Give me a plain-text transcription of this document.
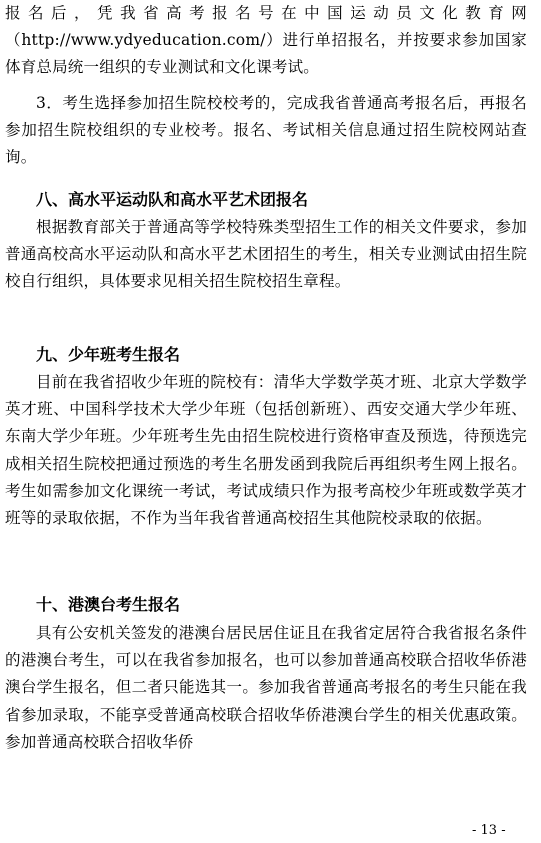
报名后，凭我省高考报名号在中国运动员文化教育网（http://www.ydyeducation.com/）进行单招报名，并按要求参加国家体育总局统一组织的专业测试和文化课考试。

3．考生选择参加招生院校校考的，完成我省普通高考报名后，再报名参加招生院校组织的专业校考。报名、考试相关信息通过招生院校网站查询。

八、高水平运动队和高水平艺术团报名

根据教育部关于普通高等学校特殊类型招生工作的相关文件要求，参加普通高校高水平运动队和高水平艺术团招生的考生，相关专业测试由招生院校自行组织，具体要求见相关招生院校招生章程。

九、少年班考生报名

目前在我省招收少年班的院校有：清华大学数学英才班、北京大学数学英才班、中国科学技术大学少年班（包括创新班）、西安交通大学少年班、东南大学少年班。少年班考生先由招生院校进行资格审查及预选，待预选完成相关招生院校把通过预选的考生名册发函到我院后再组织考生网上报名。考生如需参加文化课统一考试，考试成绩只作为报考高校少年班或数学英才班等的录取依据，不作为当年我省普通高校招生其他院校录取的依据。

十、港澳台考生报名

具有公安机关签发的港澳台居民居住证且在我省定居符合我省报名条件的港澳台考生，可以在我省参加报名，也可以参加普通高校联合招收华侨港澳台学生报名，但二者只能选其一。参加我省普通高考报名的考生只能在我省参加录取，不能享受普通高校联合招收华侨港澳台学生的相关优惠政策。参加普通高校联合招收华侨

- 13 -
